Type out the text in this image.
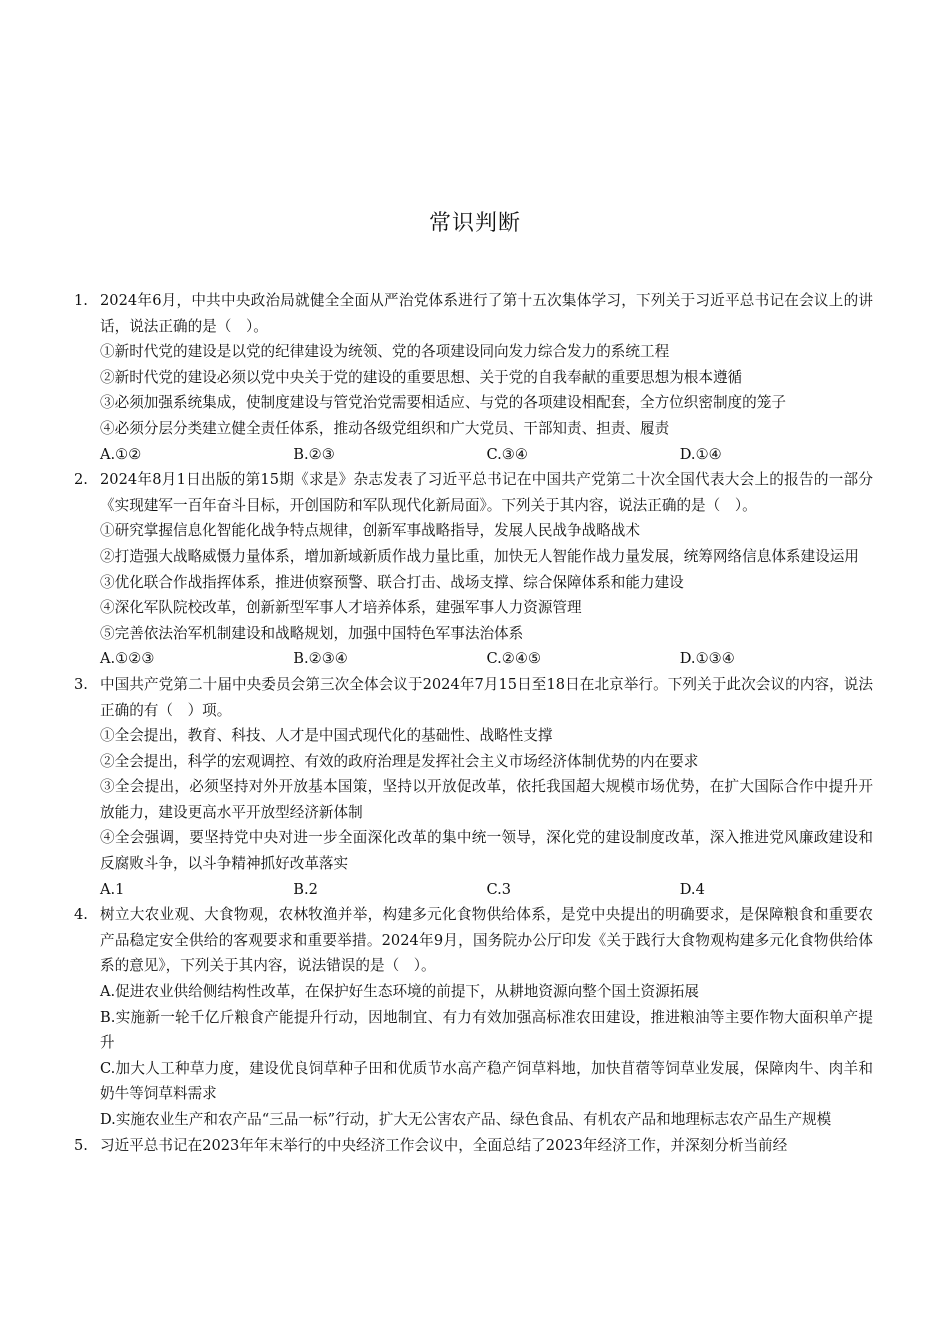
常识判断
1. 2024年6月，中共中央政治局就健全全面从严治党体系进行了第十五次集体学习，下列关于习近平总书记在会议上的讲话，说法正确的是（　）。
①新时代党的建设是以党的纪律建设为统领、党的各项建设同向发力综合发力的系统工程
②新时代党的建设必须以党中央关于党的建设的重要思想、关于党的自我奉献的重要思想为根本遵循
③必须加强系统集成，使制度建设与管党治党需要相适应、与党的各项建设相配套，全方位织密制度的笼子
④必须分层分类建立健全责任体系，推动各级党组织和广大党员、干部知责、担责、履责
A.①②	B.②③	C.③④	D.①④
2. 2024年8月1日出版的第15期《求是》杂志发表了习近平总书记在中国共产党第二十次全国代表大会上的报告的一部分《实现建军一百年奋斗目标，开创国防和军队现代化新局面》。下列关于其内容，说法正确的是（　）。
①研究掌握信息化智能化战争特点规律，创新军事战略指导，发展人民战争战略战术
②打造强大战略威慑力量体系，增加新域新质作战力量比重，加快无人智能作战力量发展，统筹网络信息体系建设运用
③优化联合作战指挥体系，推进侦察预警、联合打击、战场支撑、综合保障体系和能力建设
④深化军队院校改革，创新新型军事人才培养体系，建强军事人力资源管理
⑤完善依法治军机制建设和战略规划，加强中国特色军事法治体系
A.①②③	B.②③④	C.②④⑤	D.①③④
3. 中国共产党第二十届中央委员会第三次全体会议于2024年7月15日至18日在北京举行。下列关于此次会议的内容，说法正确的有（　）项。
①全会提出，教育、科技、人才是中国式现代化的基础性、战略性支撑
②全会提出，科学的宏观调控、有效的政府治理是发挥社会主义市场经济体制优势的内在要求
③全会提出，必须坚持对外开放基本国策，坚持以开放促改革，依托我国超大规模市场优势，在扩大国际合作中提升开放能力，建设更高水平开放型经济新体制
④全会强调，要坚持党中央对进一步全面深化改革的集中统一领导，深化党的建设制度改革，深入推进党风廉政建设和反腐败斗争，以斗争精神抓好改革落实
A.1	B.2	C.3	D.4
4. 树立大农业观、大食物观，农林牧渔并举，构建多元化食物供给体系，是党中央提出的明确要求，是保障粮食和重要农产品稳定安全供给的客观要求和重要举措。2024年9月，国务院办公厅印发《关于践行大食物观构建多元化食物供给体系的意见》，下列关于其内容，说法错误的是（　）。
A.促进农业供给侧结构性改革，在保护好生态环境的前提下，从耕地资源向整个国土资源拓展
B.实施新一轮千亿斤粮食产能提升行动，因地制宜、有力有效加强高标准农田建设，推进粮油等主要作物大面积单产提升
C.加大人工种草力度，建设优良饲草种子田和优质节水高产稳产饲草料地，加快苜蓿等饲草业发展，保障肉牛、肉羊和奶牛等饲草料需求
D.实施农业生产和农产品“三品一标”行动，扩大无公害农产品、绿色食品、有机农产品和地理标志农产品生产规模
5. 习近平总书记在2023年年末举行的中央经济工作会议中，全面总结了2023年经济工作，并深刻分析当前经
